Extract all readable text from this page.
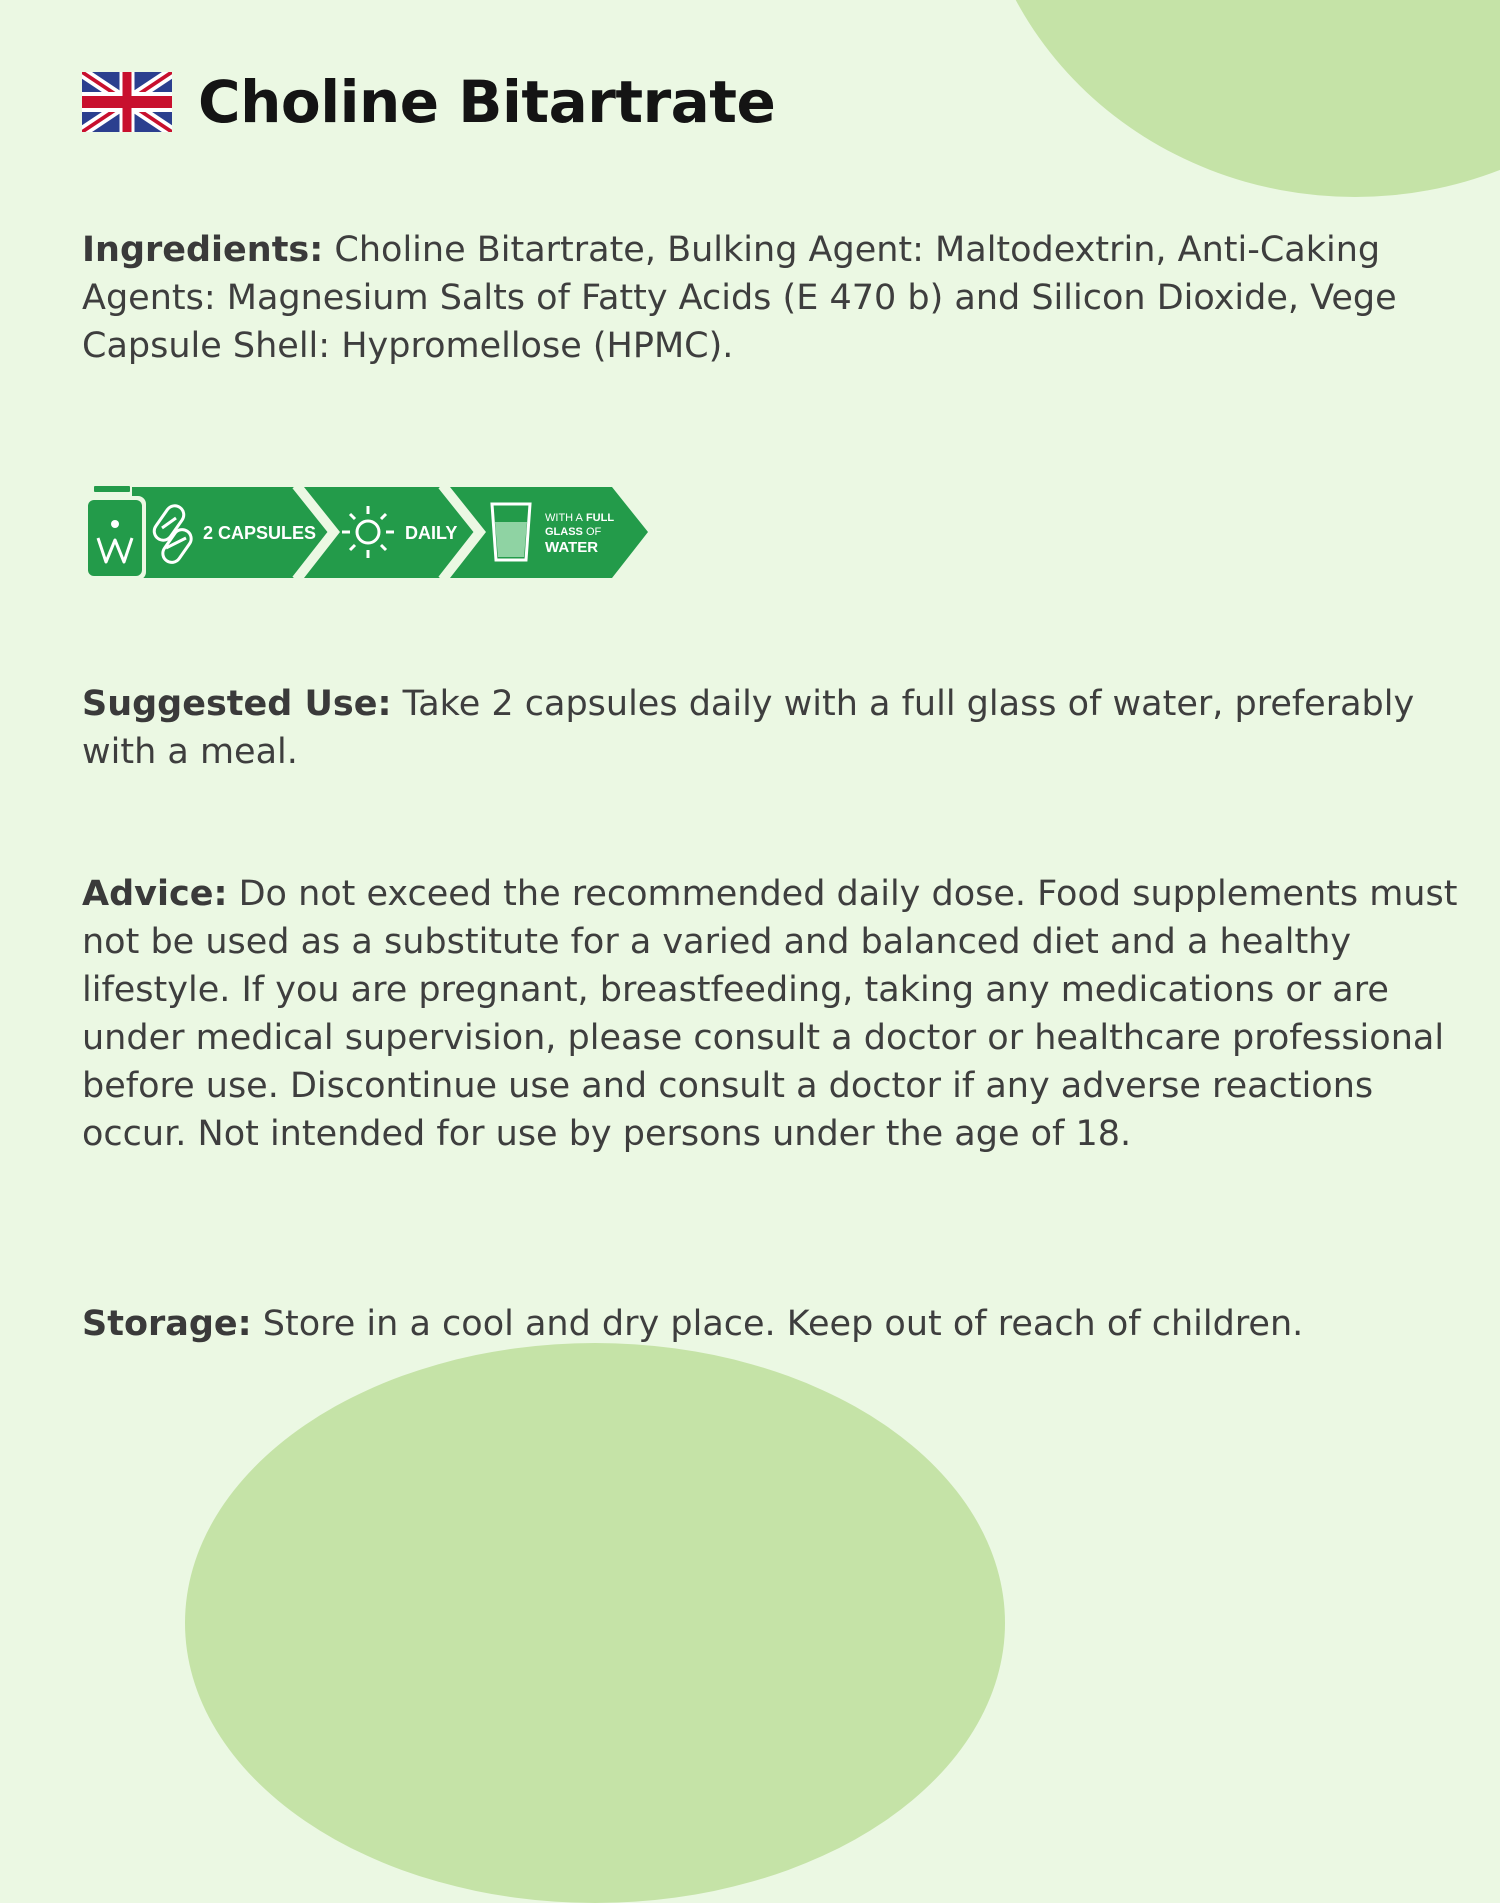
Choline Bitartrate
Ingredients: Choline Bitartrate, Bulking Agent: Maltodextrin, Anti-Caking Agents: Magnesium Salts of Fatty Acids (E 470 b) and Silicon Dioxide, Vege Capsule Shell: Hypromellose (HPMC).
2 CAPSULES	DAILY
WITH A FULL
GLASS OF
WATER
Suggested Use: Take 2 capsules daily with a full glass of water, preferably with a meal.
Advice: Do not exceed the recommended daily dose. Food supplements must not be used as a substitute for a varied and balanced diet and a healthy lifestyle. If you are pregnant, breastfeeding, taking any medications or are under medical supervision, please consult a doctor or healthcare professional before use. Discontinue use and consult a doctor if any adverse reactions occur. Not intended for use by persons under the age of 18.
Storage: Store in a cool and dry place. Keep out of reach of children.
